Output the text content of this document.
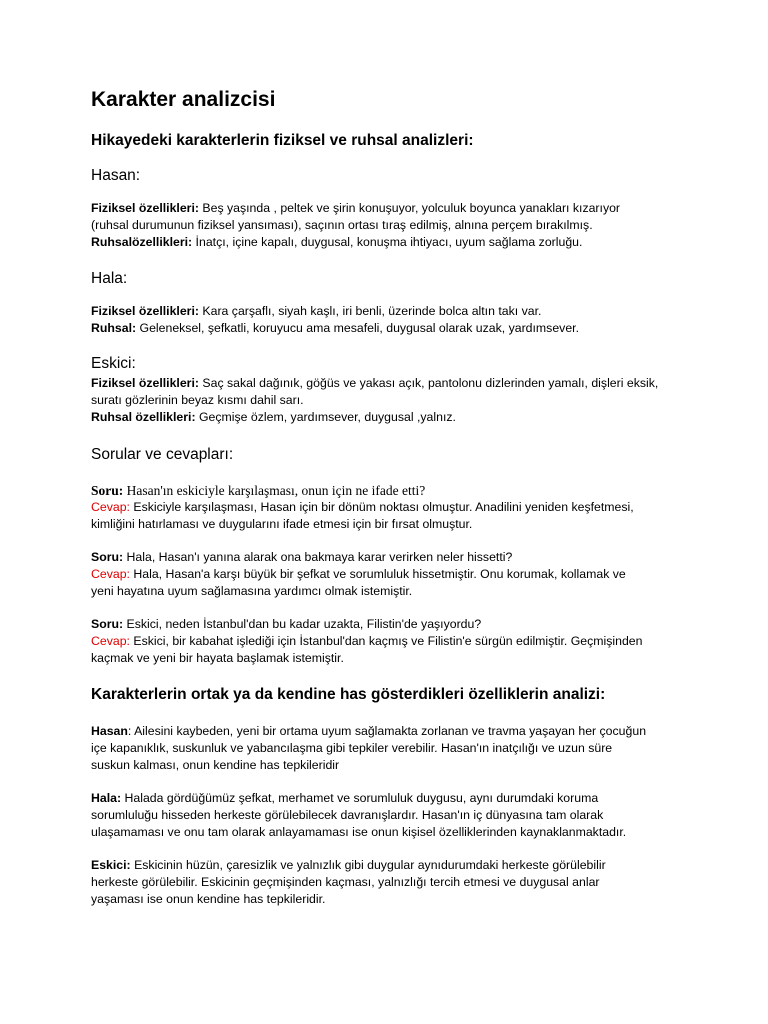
Karakter analizcisi
Hikayedeki karakterlerin fiziksel ve ruhsal analizleri:
Hasan:

Fiziksel özellikleri: Beş yaşında , peltek ve şirin konuşuyor, yolculuk boyunca yanakları kızarıyor

(ruhsal durumunun fiziksel yansıması), saçının ortası tıraş edilmiş, alnına perçem bırakılmış.

Ruhsalözellikleri: İnatçı, içine kapalı, duygusal, konuşma ihtiyacı, uyum sağlama zorluğu.

Hala:

Fiziksel özellikleri: Kara çarşaflı, siyah kaşlı, iri benli, üzerinde bolca altın takı var.

Ruhsal: Geleneksel, şefkatli, koruyucu ama mesafeli, duygusal olarak uzak, yardımsever.

Eskici:

Fiziksel özellikleri: Saç sakal dağınık, göğüs ve yakası açık, pantolonu dizlerinden yamalı, dişleri eksik,

suratı gözlerinin beyaz kısmı dahil sarı.

Ruhsal özellikleri: Geçmişe özlem, yardımsever, duygusal ,yalnız.

Sorular ve cevapları:

Soru: Hasan'ın eskiciyle karşılaşması, onun için ne ifade etti?

Cevap: Eskiciyle karşılaşması, Hasan için bir dönüm noktası olmuştur. Anadilini yeniden keşfetmesi,

kimliğini hatırlaması ve duygularını ifade etmesi için bir fırsat olmuştur.

Soru: Hala, Hasan'ı yanına alarak ona bakmaya karar verirken neler hissetti?

Cevap: Hala, Hasan'a karşı büyük bir şefkat ve sorumluluk hissetmiştir. Onu korumak, kollamak ve

yeni hayatına uyum sağlamasına yardımcı olmak istemiştir.

Soru: Eskici, neden İstanbul'dan bu kadar uzakta, Filistin'de yaşıyordu?

Cevap: Eskici, bir kabahat işlediği için İstanbul'dan kaçmış ve Filistin'e sürgün edilmiştir. Geçmişinden

kaçmak ve yeni bir hayata başlamak istemiştir.

Karakterlerin ortak ya da kendine has gösterdikleri özelliklerin analizi:

Hasan: Ailesini kaybeden, yeni bir ortama uyum sağlamakta zorlanan ve travma yaşayan her çocuğun

içe kapanıklık, suskunluk ve yabancılaşma gibi tepkiler verebilir. Hasan'ın inatçılığı ve uzun süre

suskun kalması, onun kendine has tepkileridir

Hala: Halada gördüğümüz şefkat, merhamet ve sorumluluk duygusu, aynı durumdaki koruma

sorumluluğu hisseden herkeste görülebilecek davranışlardır. Hasan'ın iç dünyasına tam olarak

ulaşamaması ve onu tam olarak anlayamaması ise onun kişisel özelliklerinden kaynaklanmaktadır.

Eskici: Eskicinin hüzün, çaresizlik ve yalnızlık gibi duygular aynıdurumdaki herkeste görülebilir

herkeste görülebilir. Eskicinin geçmişinden kaçması, yalnızlığı tercih etmesi ve duygusal anlar

yaşaması ise onun kendine has tepkileridir.
